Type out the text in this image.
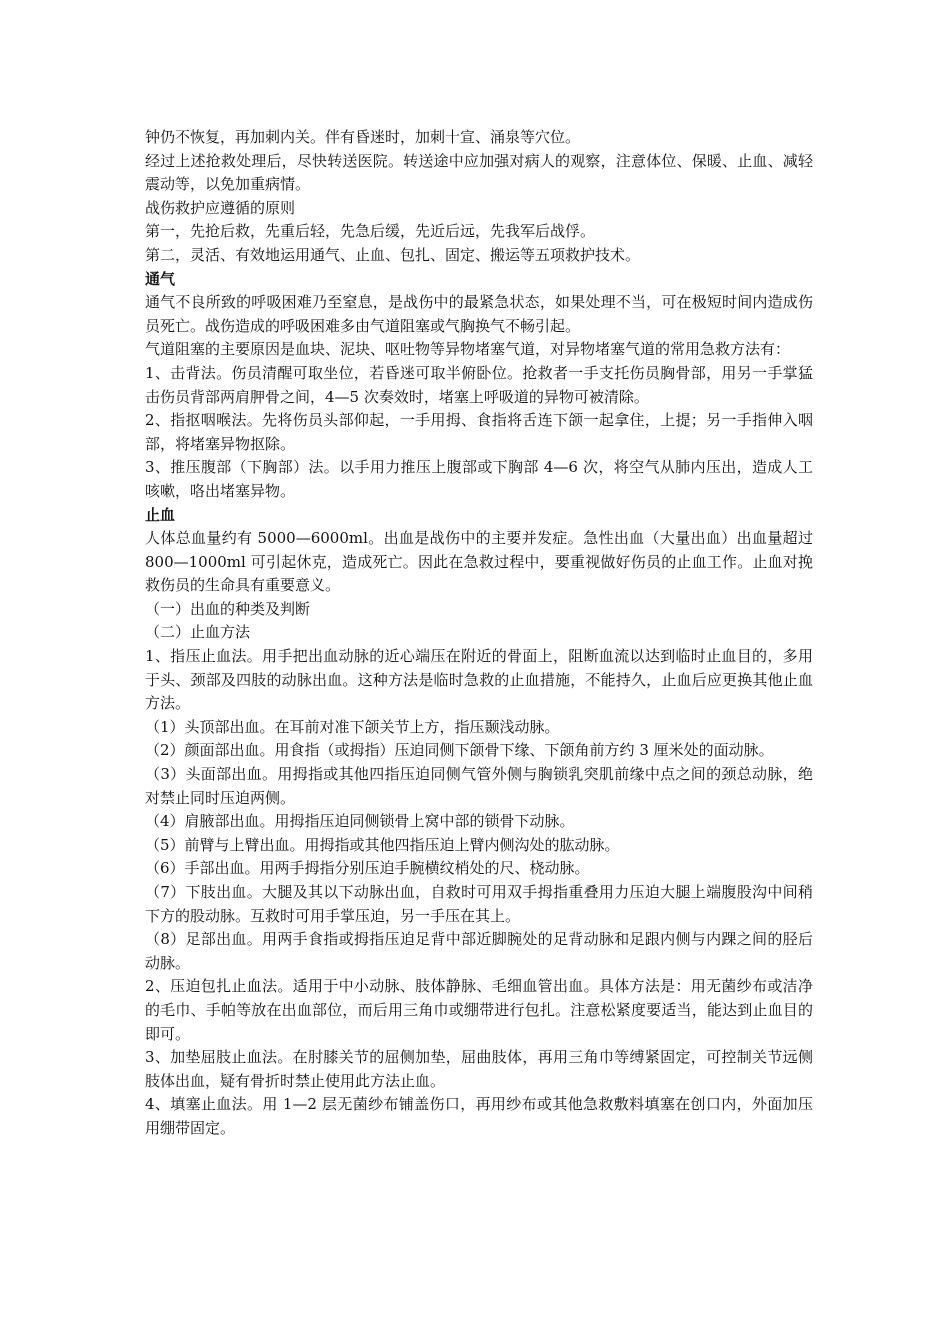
钟仍不恢复，再加刺内关。伴有昏迷时，加刺十宣、涌泉等穴位。

经过上述抢救处理后，尽快转送医院。转送途中应加强对病人的观察，注意体位、保暖、止血、减轻震动等，以免加重病情。

战伤救护应遵循的原则

第一，先抢后救，先重后轻，先急后缓，先近后远，先我军后战俘。

第二，灵活、有效地运用通气、止血、包扎、固定、搬运等五项救护技术。

通气

通气不良所致的呼吸困难乃至窒息，是战伤中的最紧急状态，如果处理不当，可在极短时间内造成伤员死亡。战伤造成的呼吸困难多由气道阻塞或气胸换气不畅引起。

气道阻塞的主要原因是血块、泥块、呕吐物等异物堵塞气道，对异物堵塞气道的常用急救方法有：

1、击背法。伤员清醒可取坐位，若昏迷可取半俯卧位。抢救者一手支托伤员胸骨部，用另一手掌猛击伤员背部两肩胛骨之间，4—5 次奏效时，堵塞上呼吸道的异物可被清除。

2、指抠咽喉法。先将伤员头部仰起，一手用拇、食指将舌连下颌一起拿住，上提；另一手指伸入咽部，将堵塞异物抠除。

3、推压腹部（下胸部）法。以手用力推压上腹部或下胸部 4—6 次，将空气从肺内压出，造成人工咳嗽，咯出堵塞异物。

止血

人体总血量约有 5000—6000ml。出血是战伤中的主要并发症。急性出血（大量出血）出血量超过 800—1000ml 可引起休克，造成死亡。因此在急救过程中，要重视做好伤员的止血工作。止血对挽救伤员的生命具有重要意义。

（一）出血的种类及判断

（二）止血方法

1、指压止血法。用手把出血动脉的近心端压在附近的骨面上，阻断血流以达到临时止血目的，多用于头、颈部及四肢的动脉出血。这种方法是临时急救的止血措施，不能持久，止血后应更换其他止血方法。

（1）头顶部出血。在耳前对准下颌关节上方，指压颞浅动脉。

（2）颜面部出血。用食指（或拇指）压迫同侧下颌骨下缘、下颌角前方约 3 厘米处的面动脉。

（3）头面部出血。用拇指或其他四指压迫同侧气管外侧与胸锁乳突肌前缘中点之间的颈总动脉，绝对禁止同时压迫两侧。

（4）肩腋部出血。用拇指压迫同侧锁骨上窝中部的锁骨下动脉。

（5）前臂与上臂出血。用拇指或其他四指压迫上臂内侧沟处的肱动脉。

（6）手部出血。用两手拇指分别压迫手腕横纹梢处的尺、桡动脉。

（7）下肢出血。大腿及其以下动脉出血，自救时可用双手拇指重叠用力压迫大腿上端腹股沟中间稍下方的股动脉。互救时可用手掌压迫，另一手压在其上。

（8）足部出血。用两手食指或拇指压迫足背中部近脚腕处的足背动脉和足跟内侧与内踝之间的胫后动脉。

2、压迫包扎止血法。适用于中小动脉、肢体静脉、毛细血管出血。具体方法是：用无菌纱布或洁净的毛巾、手帕等放在出血部位，而后用三角巾或绷带进行包扎。注意松紧度要适当，能达到止血目的即可。

3、加垫屈肢止血法。在肘膝关节的屈侧加垫，屈曲肢体，再用三角巾等缚紧固定，可控制关节远侧肢体出血，疑有骨折时禁止使用此方法止血。

4、填塞止血法。用 1—2 层无菌纱布铺盖伤口，再用纱布或其他急救敷料填塞在创口内，外面加压用绷带固定。
